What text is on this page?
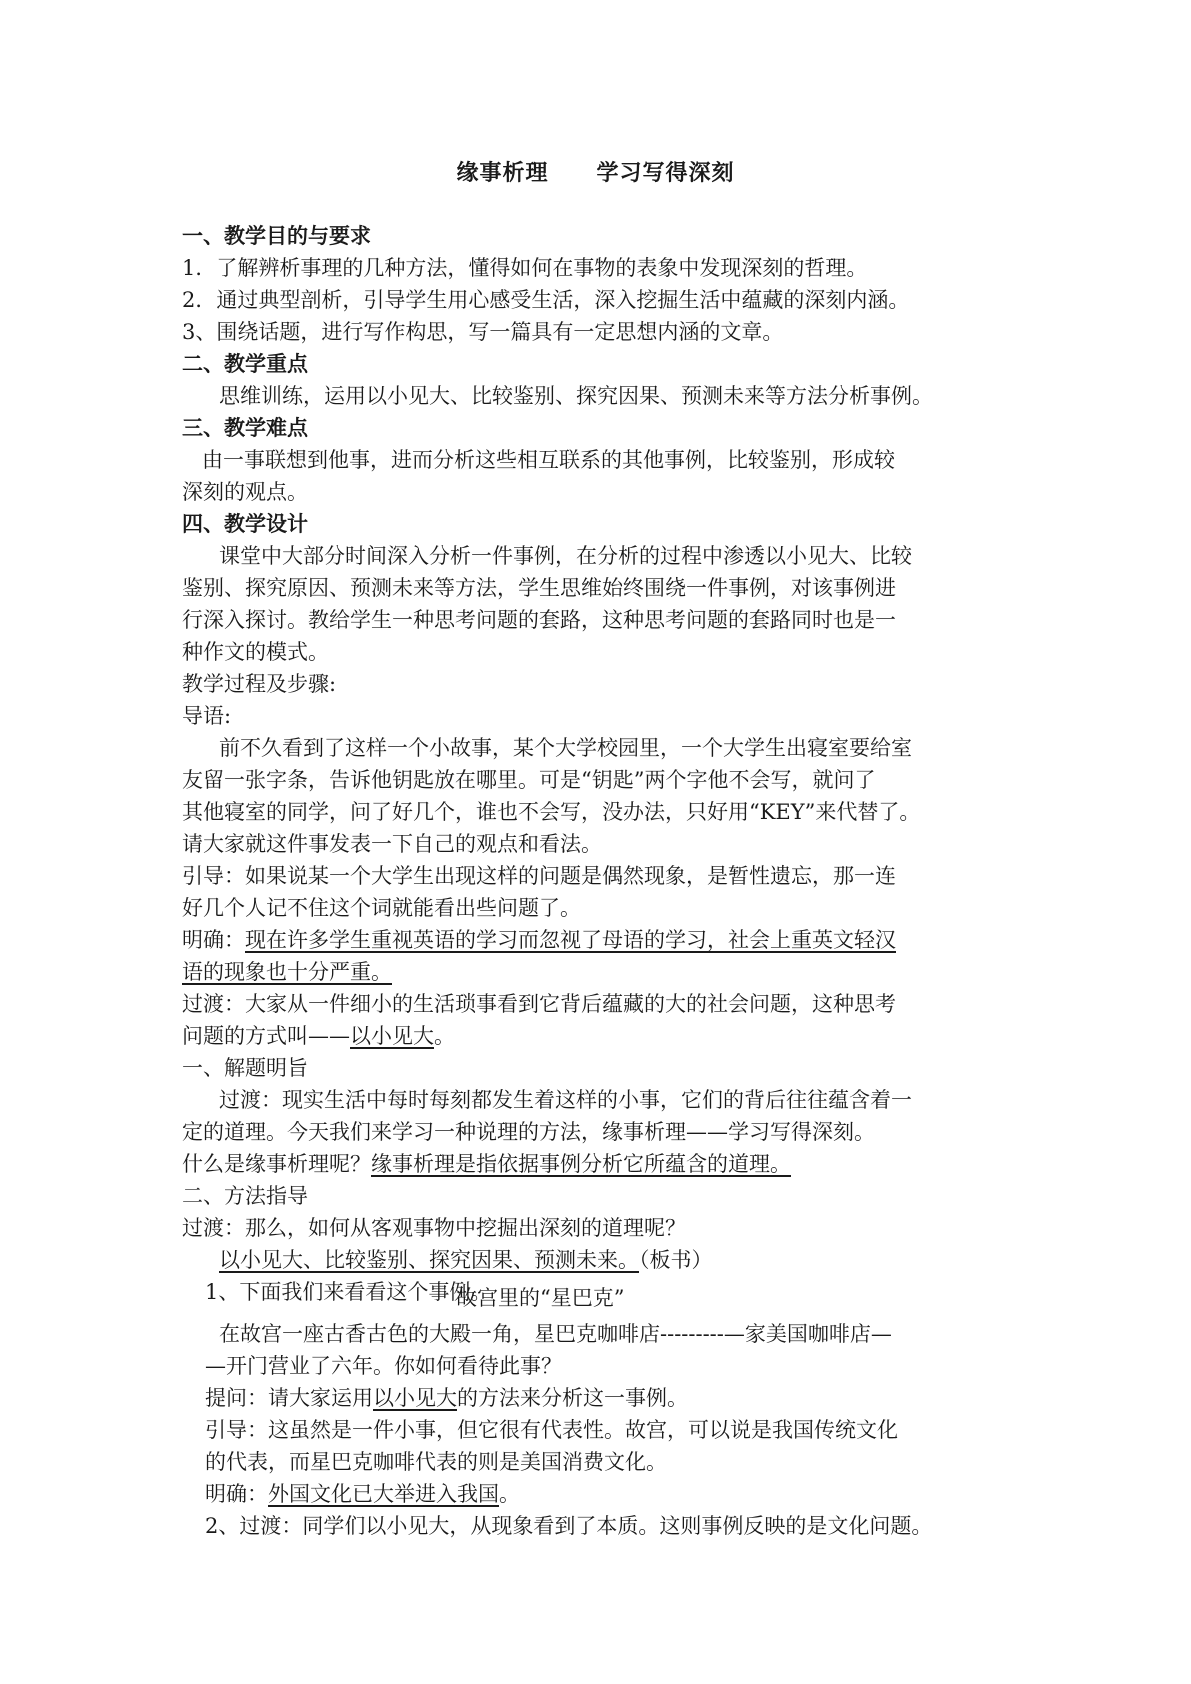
缘事析理 学习写得深刻
一、教学目的与要求
1．了解辨析事理的几种方法，懂得如何在事物的表象中发现深刻的哲理。
2．通过典型剖析，引导学生用心感受生活，深入挖掘生活中蕴藏的深刻内涵。
3、围绕话题，进行写作构思，写一篇具有一定思想内涵的文章。
二、教学重点
思维训练，运用以小见大、比较鉴别、探究因果、预测未来等方法分析事例。
三、教学难点
由一事联想到他事，进而分析这些相互联系的其他事例，比较鉴别，形成较
深刻的观点。
四、教学设计
课堂中大部分时间深入分析一件事例，在分析的过程中渗透以小见大、比较
鉴别、探究原因、预测未来等方法，学生思维始终围绕一件事例，对该事例进
行深入探讨。教给学生一种思考问题的套路，这种思考问题的套路同时也是一
种作文的模式。
教学过程及步骤:
导语:
前不久看到了这样一个小故事，某个大学校园里，一个大学生出寝室要给室
友留一张字条，告诉他钥匙放在哪里。可是“钥匙”两个字他不会写，就问了
其他寝室的同学，问了好几个，谁也不会写，没办法，只好用“KEY”来代替了。
请大家就这件事发表一下自己的观点和看法。
引导：如果说某一个大学生出现这样的问题是偶然现象，是暂性遗忘，那一连
好几个人记不住这个词就能看出些问题了。
明确：现在许多学生重视英语的学习而忽视了母语的学习，社会上重英文轻汉
语的现象也十分严重。
过渡：大家从一件细小的生活琐事看到它背后蕴藏的大的社会问题，这种思考
问题的方式叫——以小见大。
一、解题明旨
过渡：现实生活中每时每刻都发生着这样的小事，它们的背后往往蕴含着一
定的道理。今天我们来学习一种说理的方法，缘事析理——学习写得深刻。
什么是缘事析理呢？缘事析理是指依据事例分析它所蕴含的道理。
二、方法指导
过渡：那么，如何从客观事物中挖掘出深刻的道理呢？
以小见大、比较鉴别、探究因果、预测未来。（板书）
1、下面我们来看看这个事例。
故宫里的“星巴克”
在故宫一座古香古色的大殿一角，星巴克咖啡店---------—家美国咖啡店—
—开门营业了六年。你如何看待此事？
提问：请大家运用以小见大的方法来分析这一事例。
引导：这虽然是一件小事，但它很有代表性。故宫，可以说是我国传统文化
的代表，而星巴克咖啡代表的则是美国消费文化。
明确：外国文化已大举进入我国。
2、过渡：同学们以小见大，从现象看到了本质。这则事例反映的是文化问题。
